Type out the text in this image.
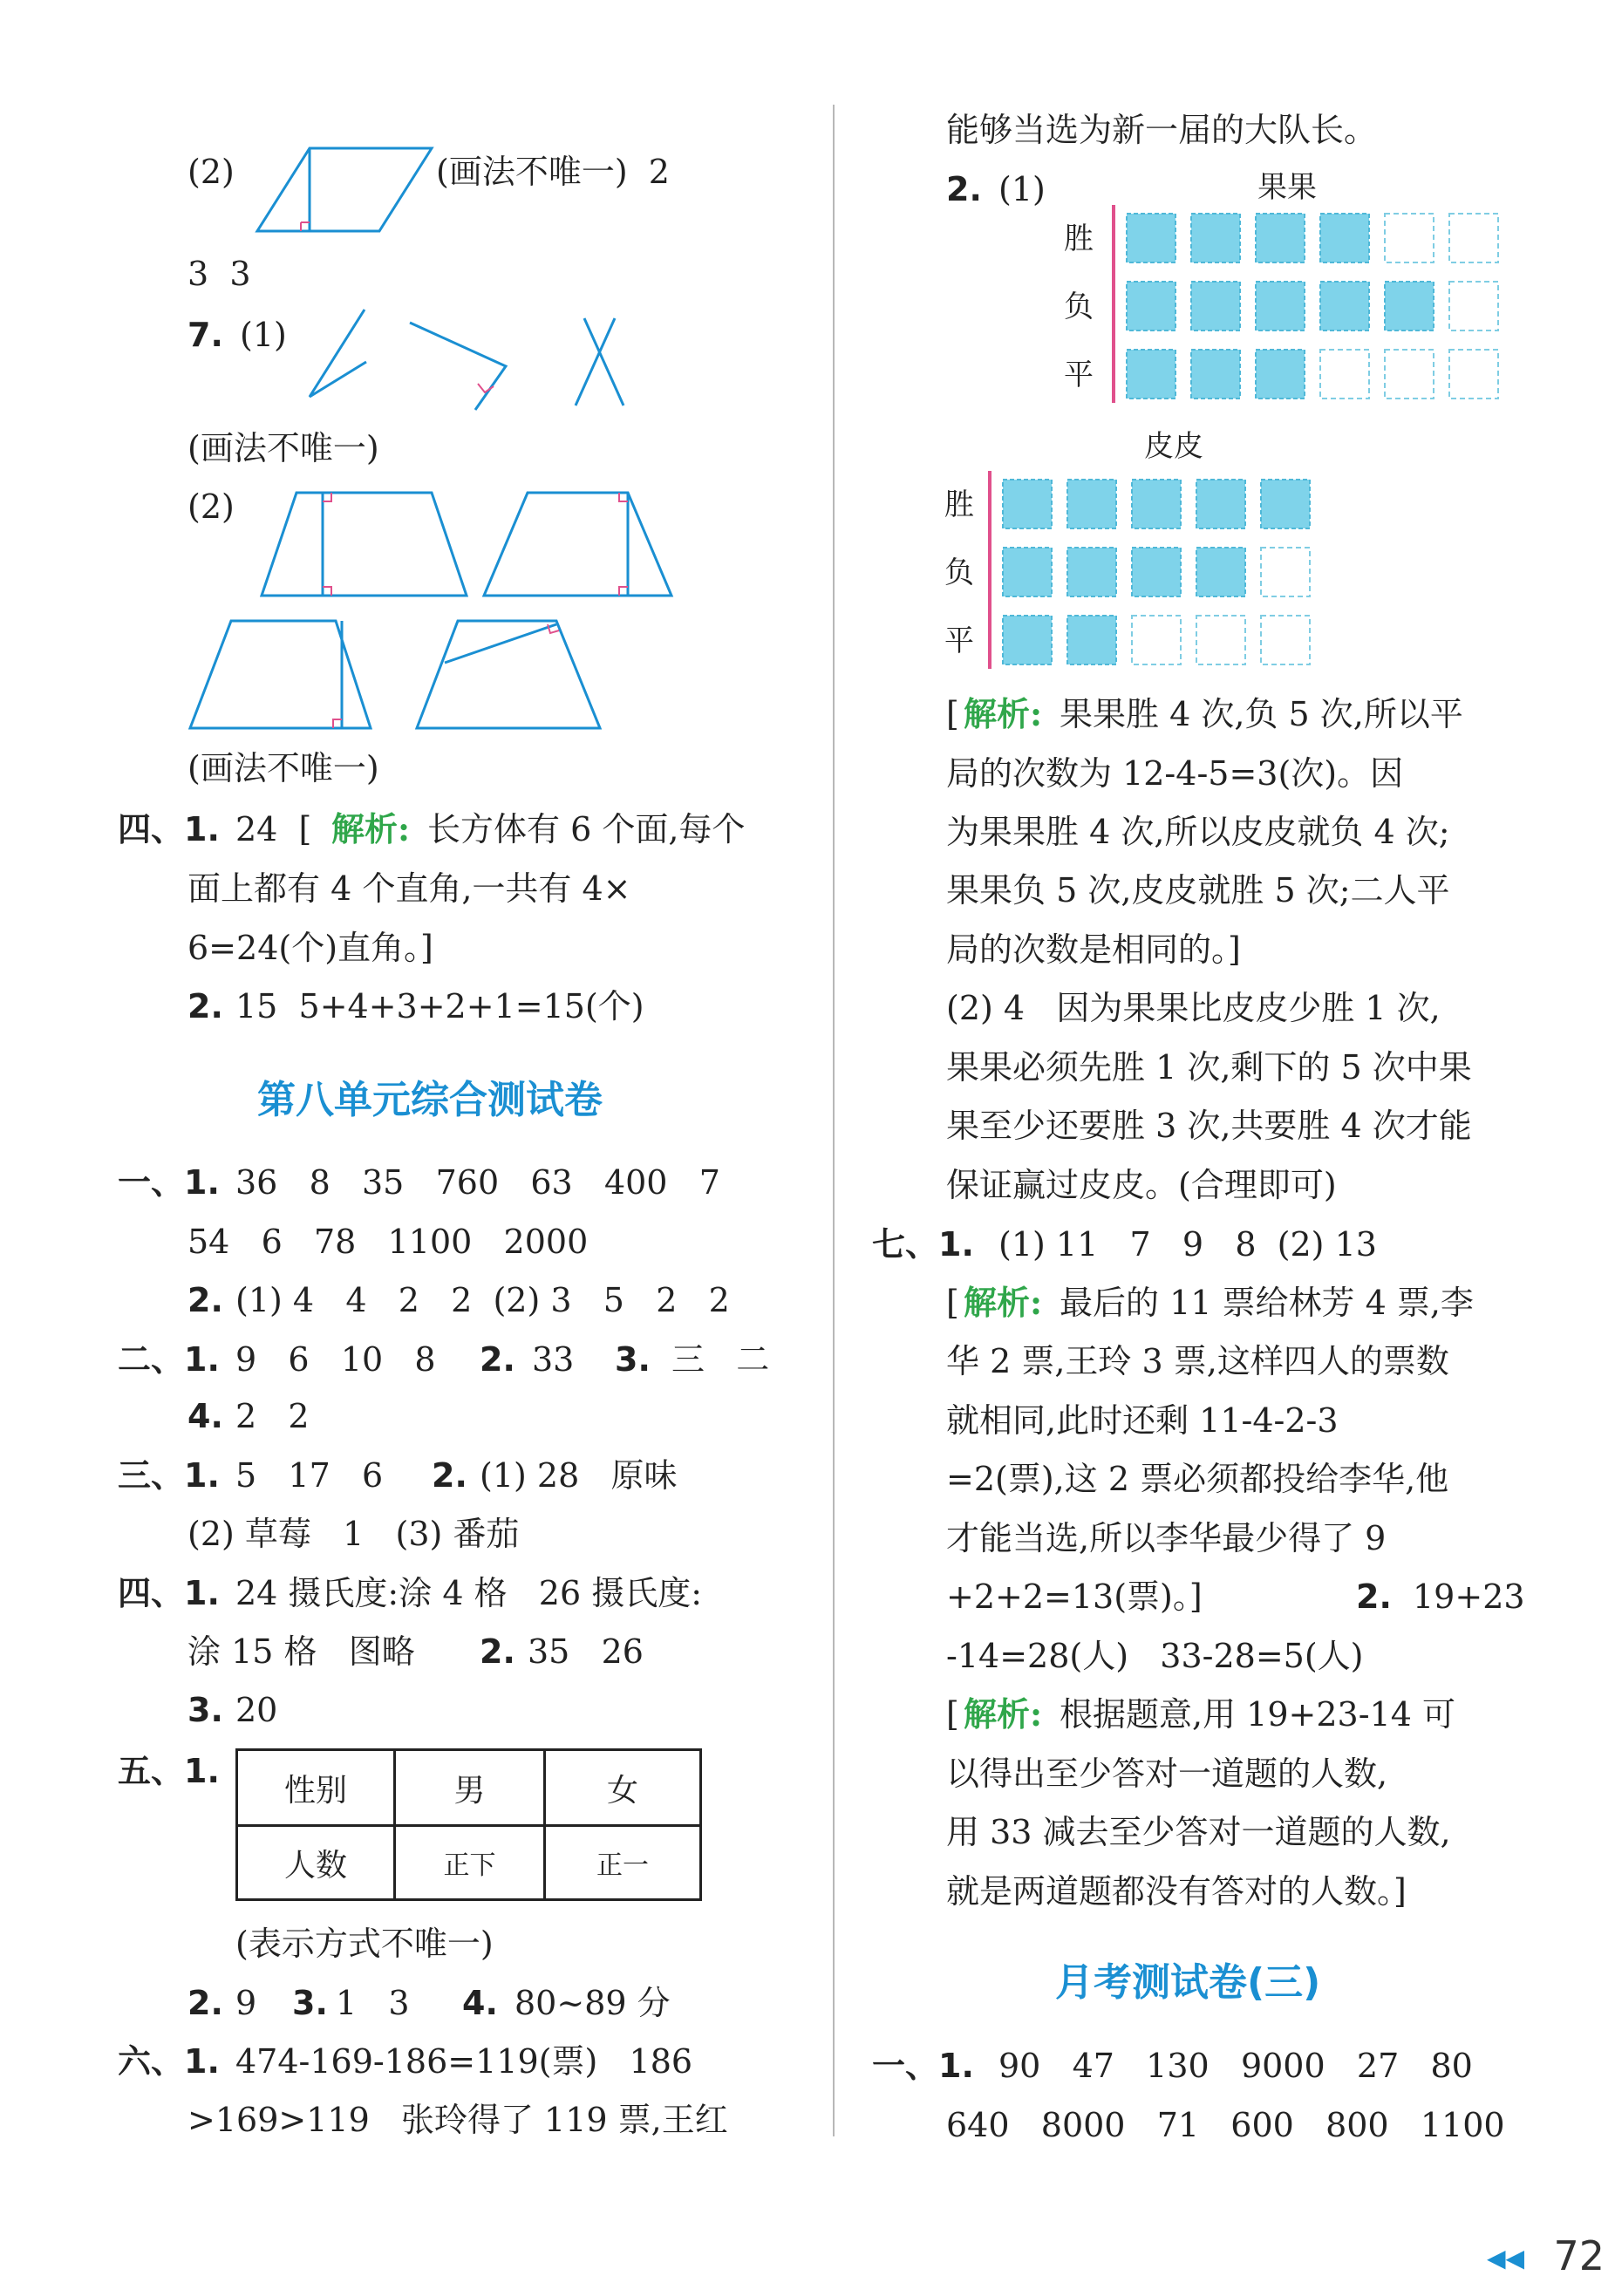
(2)	(画法不唯一)  2
3  3
7. (1)
(画法不唯一)
(2)
(画法不唯一)
四、1. 24  [ 解析: 长方体有 6 个面,每个
面上都有 4 个直角,一共有 4×
6=24(个)直角。]
2. 15  5+4+3+2+1=15(个)
第八单元综合测试卷
一、1. 36   8   35   760   63   400   7
54   6   78   1100   2000
2. (1) 4   4   2   2  (2) 3   5   2   2
二、1. 9   6   10   8 2. 33 3. 三   二
4. 2   2
三、1. 5   17   6 2. (1) 28   原味
(2) 草莓   1   (3) 番茄
四、1. 24 摄氏度:涂 4 格   26 摄氏度:
涂 15 格   图略 2. 35   26
3. 20
五、1.	性别	男	女
人数	正下	正一
(表示方式不唯一)
2. 9 3. 1   3 4. 80~89 分
六、1. 474-169-186=119(票)   186
>169>119   张玲得了 119 票,王红
能够当选为新一届的大队长。
2. (1)	果果
皮皮
胜
负
平
胜
负
平
[ 解析: 果果胜 4 次,负 5 次,所以平
局的次数为 12-4-5=3(次)。因
为果果胜 4 次,所以皮皮就负 4 次;
果果负 5 次,皮皮就胜 5 次;二人平
局的次数是相同的。]
(2) 4   因为果果比皮皮少胜 1 次,
果果必须先胜 1 次,剩下的 5 次中果
果至少还要胜 3 次,共要胜 4 次才能
保证赢过皮皮。(合理即可)
七、1. (1) 11   7   9   8  (2) 13
[ 解析: 最后的 11 票给林芳 4 票,李
华 2 票,王玲 3 票,这样四人的票数
就相同,此时还剩 11-4-2-3
=2(票),这 2 票必须都投给李华,他
才能当选,所以李华最少得了 9
+2+2=13(票)。]	2. 19+23
-14=28(人)   33-28=5(人)
[ 解析: 根据题意,用 19+23-14 可
以得出至少答对一道题的人数,
用 33 减去至少答对一道题的人数,
就是两道题都没有答对的人数。]
月考测试卷(三)
一、1. 90   47   130   9000   27   80
640   8000   71   600   800   1100
◀◀ 72
